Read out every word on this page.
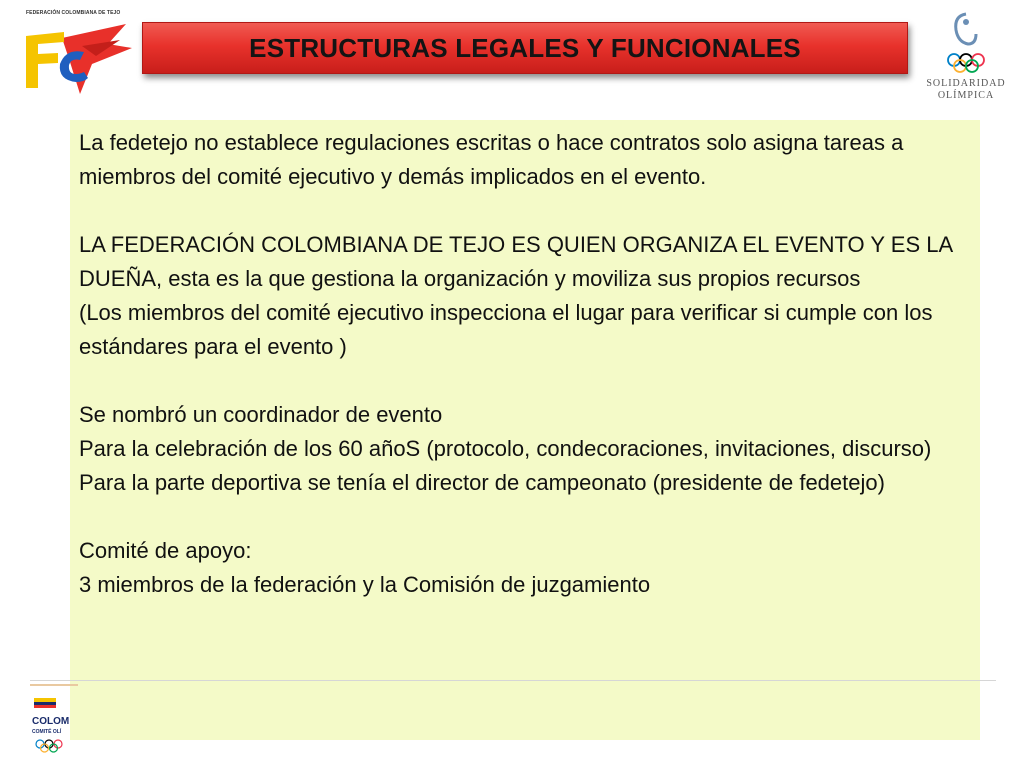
FEDERACIÓN COLOMBIANA DE TEJO
ESTRUCTURAS LEGALES Y FUNCIONALES
SOLIDARIDAD
OLÍMPICA

La fedetejo no establece regulaciones escritas o hace contratos solo asigna tareas a miembros del comité ejecutivo y demás implicados en el evento.

LA FEDERACIÓN COLOMBIANA DE TEJO ES QUIEN ORGANIZA EL EVENTO Y ES LA DUEÑA, esta es la que gestiona la organización y moviliza sus propios recursos

(Los miembros del comité ejecutivo inspecciona el lugar para verificar si cumple con los estándares para el evento )

Se nombró un coordinador de evento

Para la celebración de los 60 añoS (protocolo, condecoraciones, invitaciones, discurso)

Para la parte deportiva se tenía el director de campeonato (presidente de fedetejo)

Comité de apoyo:

3 miembros de la federación y la Comisión de juzgamiento

COLOM
COMITÉ OLÍ
